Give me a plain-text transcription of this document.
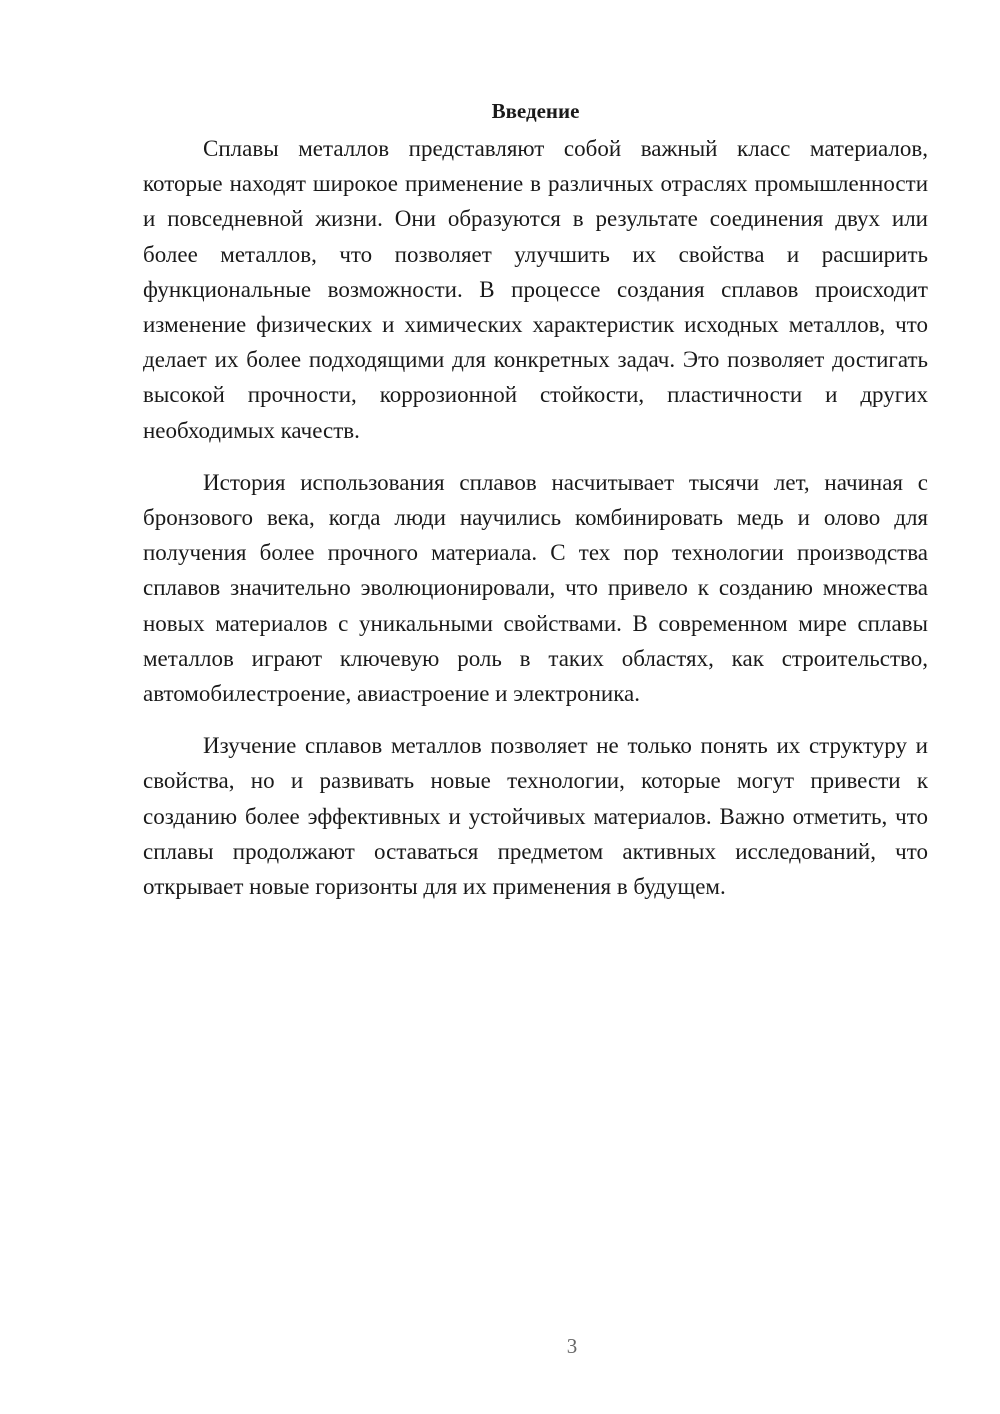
Введение

Сплавы металлов представляют собой важный класс материалов, которые находят широкое применение в различных отраслях промышленности и повседневной жизни. Они образуются в результате соединения двух или более металлов, что позволяет улучшить их свойства и расширить функциональные возможности. В процессе создания сплавов происходит изменение физических и химических характеристик исходных металлов, что делает их более подходящими для конкретных задач. Это позволяет достигать высокой прочности, коррозионной стойкости, пластичности и других необходимых качеств.

История использования сплавов насчитывает тысячи лет, начиная с бронзового века, когда люди научились комбинировать медь и олово для получения более прочного материала. С тех пор технологии производства сплавов значительно эволюционировали, что привело к созданию множества новых материалов с уникальными свойствами. В современном мире сплавы металлов играют ключевую роль в таких областях, как строительство, автомобилестроение, авиастроение и электроника.

Изучение сплавов металлов позволяет не только понять их структуру и свойства, но и развивать новые технологии, которые могут привести к созданию более эффективных и устойчивых материалов. Важно отметить, что сплавы продолжают оставаться предметом активных исследований, что открывает новые горизонты для их применения в будущем.

3
